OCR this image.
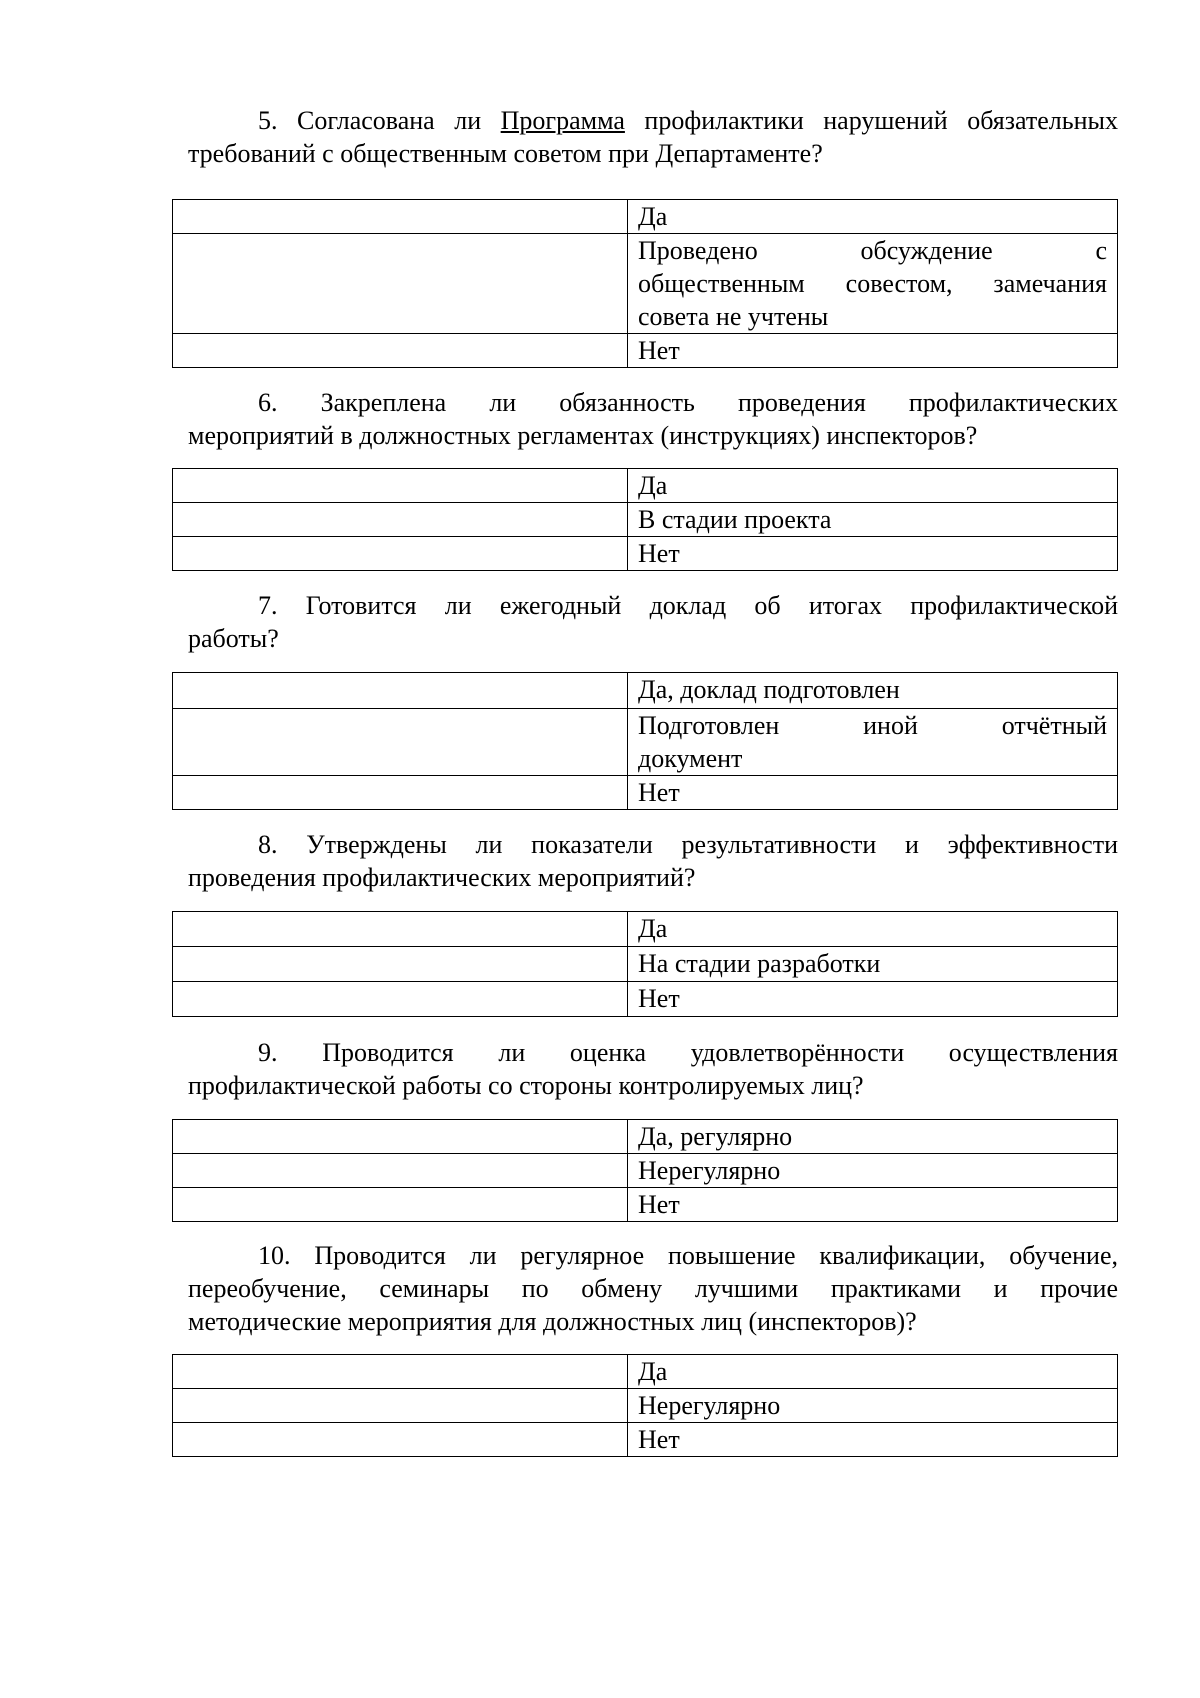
5. Согласована ли Программа профилактики нарушений обязательных
требований с общественным советом при Департаменте?

	Да

	Проведено обсуждение с
общественным совестом, замечания
совета не учтены

	Нет

6. Закреплена ли обязанность проведения профилактических
мероприятий в должностных регламентах (инструкциях) инспекторов?

	Да

	В стадии проекта

	Нет

7. Готовится ли ежегодный доклад об итогах профилактической
работы?

	Да, доклад подготовлен

	Подготовлен иной отчётный
документ

	Нет

8. Утверждены ли показатели результативности и эффективности
проведения профилактических мероприятий?

	Да

	На стадии разработки

	Нет

9. Проводится ли оценка удовлетворённости осуществления
профилактической работы со стороны контролируемых лиц?

	Да, регулярно

	Нерегулярно

	Нет

10. Проводится ли регулярное повышение квалификации, обучение,
переобучение, семинары по обмену лучшими практиками и прочие
методические мероприятия для должностных лиц (инспекторов)?

	Да

	Нерегулярно

	Нет
